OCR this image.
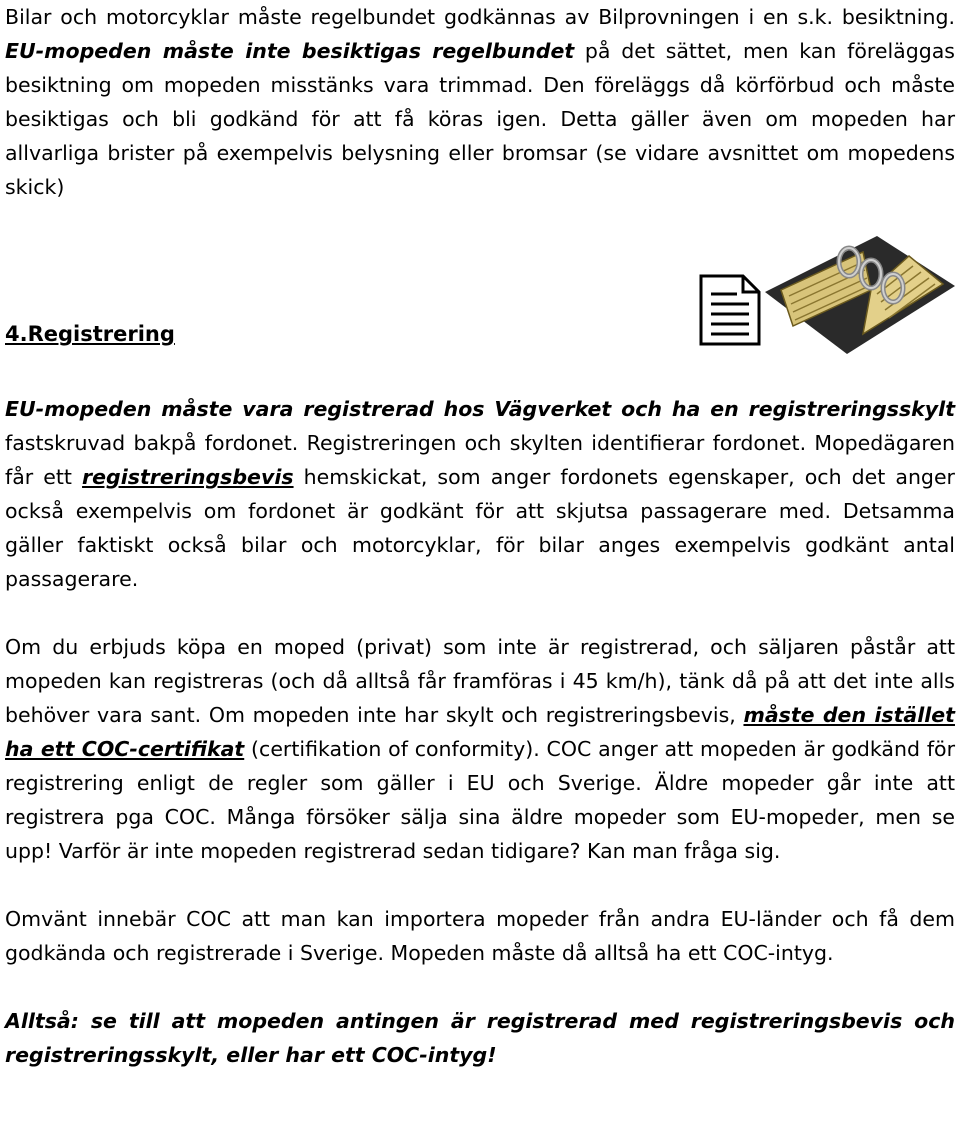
Bilar och motorcyklar måste regelbundet godkännas av Bilprovningen i en s.k. besiktning. EU-mopeden måste inte besiktigas regelbundet på det sättet, men kan föreläggas besiktning om mopeden misstänks vara trimmad. Den föreläggs då körförbud och måste besiktigas och bli godkänd för att få köras igen. Detta gäller även om mopeden har allvarliga brister på exempelvis belysning eller bromsar (se vidare avsnittet om mopedens skick)

4.Registrering

EU-mopeden måste vara registrerad hos Vägverket och ha en registreringsskylt fastskruvad bakpå fordonet. Registreringen och skylten identifierar fordonet. Mopedägaren får ett registreringsbevis hemskickat, som anger fordonets egenskaper, och det anger också exempelvis om fordonet är godkänt för att skjutsa passagerare med. Detsamma gäller faktiskt också bilar och motorcyklar, för bilar anges exempelvis godkänt antal passagerare.

Om du erbjuds köpa en moped (privat) som inte är registrerad, och säljaren påstår att mopeden kan registreras (och då alltså får framföras i 45 km/h), tänk då på att det inte alls behöver vara sant. Om mopeden inte har skylt och registreringsbevis, måste den istället ha ett COC-certifikat (certifikation of conformity). COC anger att mopeden är godkänd för registrering enligt de regler som gäller i EU och Sverige. Äldre mopeder går inte att registrera pga COC. Många försöker sälja sina äldre mopeder som EU-mopeder, men se upp! Varför är inte mopeden registrerad sedan tidigare? Kan man fråga sig.

Omvänt innebär COC att man kan importera mopeder från andra EU-länder och få dem godkända och registrerade i Sverige. Mopeden måste då alltså ha ett COC-intyg.

Alltså: se till att mopeden antingen är registrerad med registreringsbevis och registreringsskylt, eller har ett COC-intyg!
